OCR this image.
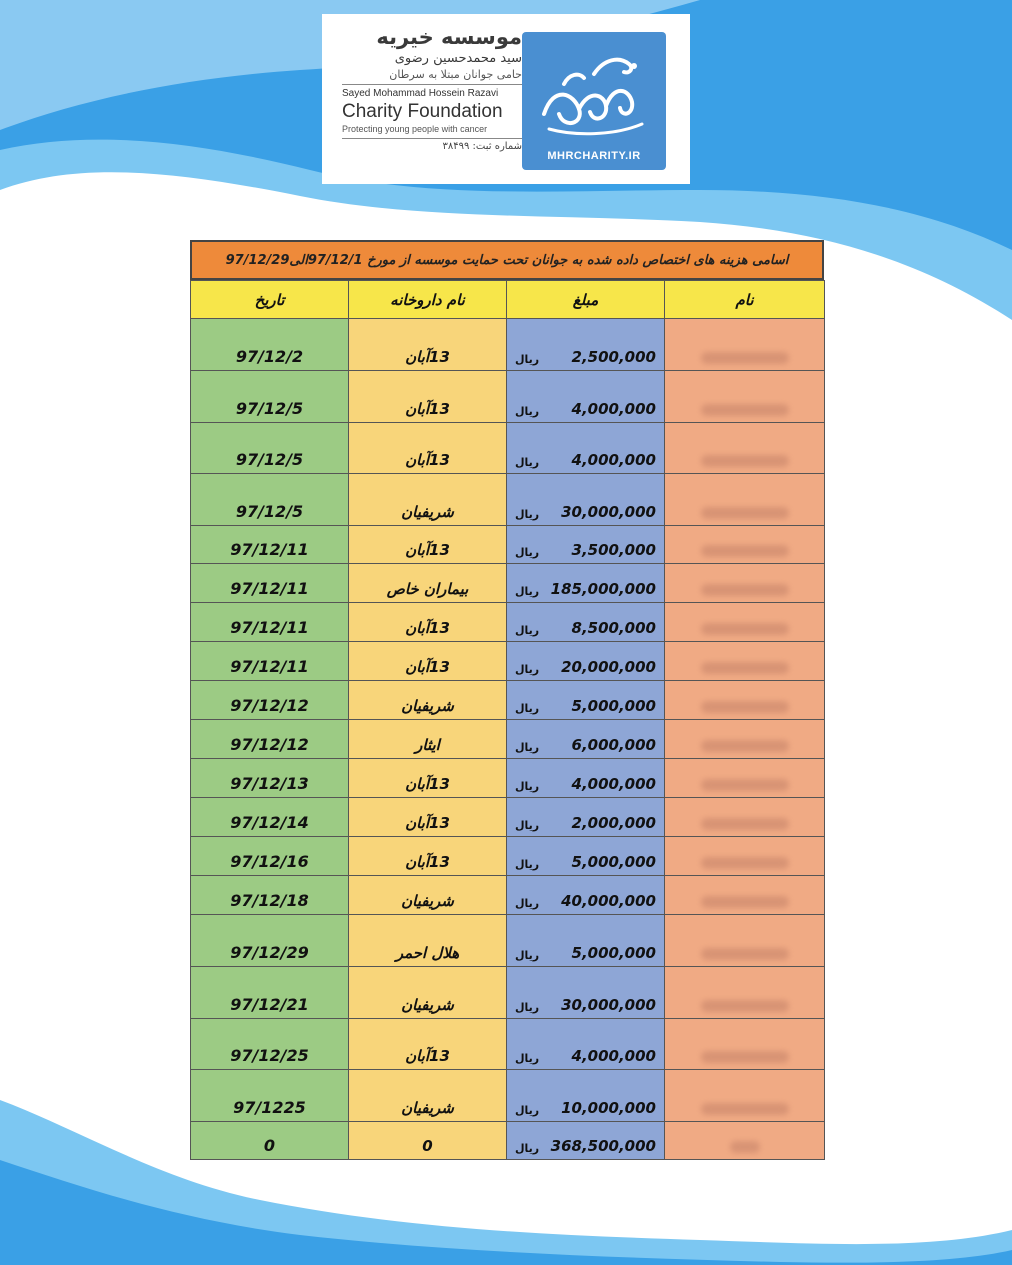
موسسه خیریه
سید محمدحسین رضوی
حامی جوانان مبتلا به سرطان
Sayed Mohammad Hossein Razavi
Charity Foundation
Protecting young people with cancer
شماره ثبت: ۳۸۴۹۹
MHRCHARITY.IR
اسامی هزینه های اختصاص داده شده به جوانان تحت حمایت موسسه از مورخ 97/12/1الی97/12/29
تاریخ	نام داروخانه	مبلغ	نام
97/12/2	13آبان	ریال 2,500,000	

97/12/5	13آبان	ریال 4,000,000	

97/12/5	13آبان	ریال 4,000,000	

97/12/5	شریفیان	ریال 30,000,000	

97/12/11	13آبان	ریال 3,500,000	

97/12/11	بیماران خاص	ریال 185,000,000	

97/12/11	13آبان	ریال 8,500,000	

97/12/11	13آبان	ریال 20,000,000	

97/12/12	شریفیان	ریال 5,000,000	

97/12/12	ایثار	ریال 6,000,000	

97/12/13	13آبان	ریال 4,000,000	

97/12/14	13آبان	ریال 2,000,000	

97/12/16	13آبان	ریال 5,000,000	

97/12/18	شریفیان	ریال 40,000,000	

97/12/29	هلال احمر	ریال 5,000,000	

97/12/21	شریفیان	ریال 30,000,000	

97/12/25	13آبان	ریال 4,000,000	

97/1225	شریفیان	ریال 10,000,000	

0	0	ریال 368,500,000	
